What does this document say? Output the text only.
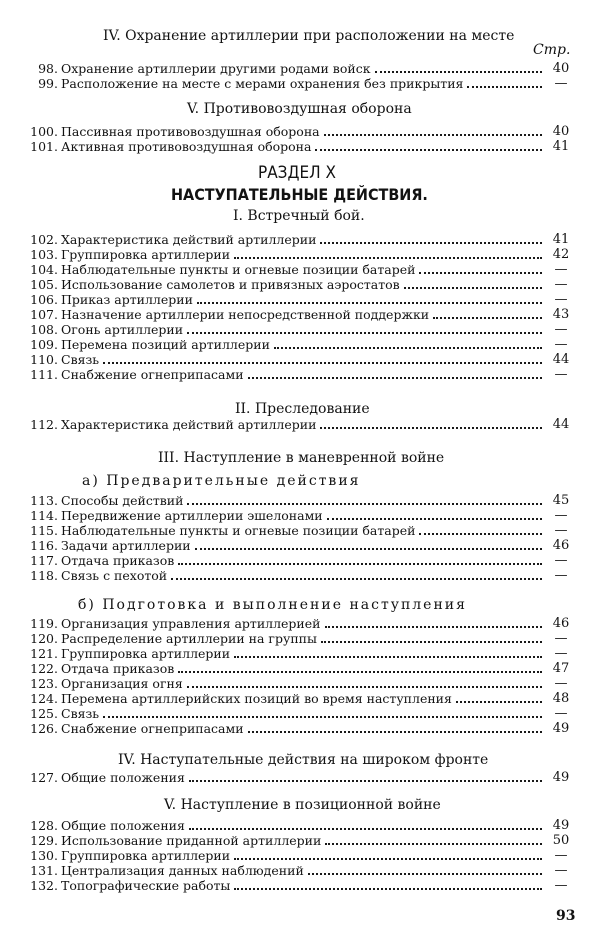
IV. Охранение артиллерии при расположении на месте
Стр.
V. Противовоздушная оборона
РАЗДЕЛ X
НАСТУПАТЕЛЬНЫЕ ДЕЙСТВИЯ.
I. Встречный бой.
II. Преследование
III. Наступление в маневренной войне
а) Предварительные действия
б) Подготовка и выполнение наступления
IV. Наступательные действия на широком фронте
V. Наступление в позиционной войне
98. Охранение артиллерии другими родами войск	40
99. Расположение на месте с мерами охранения без прикрытия	—
100. Пассивная противовоздушная оборона	40
101. Активная противовоздушная оборона	41
102. Характеристика действий артиллерии	41
103. Группировка артиллерии	42
104. Наблюдательные пункты и огневые позиции батарей	—
105. Использование самолетов и привязных аэростатов	—
106. Приказ артиллерии	—
107. Назначение артиллерии непосредственной поддержки	43
108. Огонь артиллерии	—
109. Перемена позиций артиллерии	—
110. Связь	44
111. Снабжение огнеприпасами	—
112. Характеристика действий артиллерии	44
113. Способы действий	45
114. Передвижение артиллерии эшелонами	—
115. Наблюдательные пункты и огневые позиции батарей	—
116. Задачи артиллерии	46
117. Отдача приказов	—
118. Связь с пехотой	—
119. Организация управления артиллерией	46
120. Распределение артиллерии на группы	—
121. Группировка артиллерии	—
122. Отдача приказов	47
123. Организация огня	—
124. Перемена артиллерийских позиций во время наступления	48
125. Связь	—
126. Снабжение огнеприпасами	49
127. Общие положения	49
128. Общие положения	49
129. Использование приданной артиллерии	50
130. Группировка артиллерии	—
131. Централизация данных наблюдений	—
132. Топографические работы	—
93
